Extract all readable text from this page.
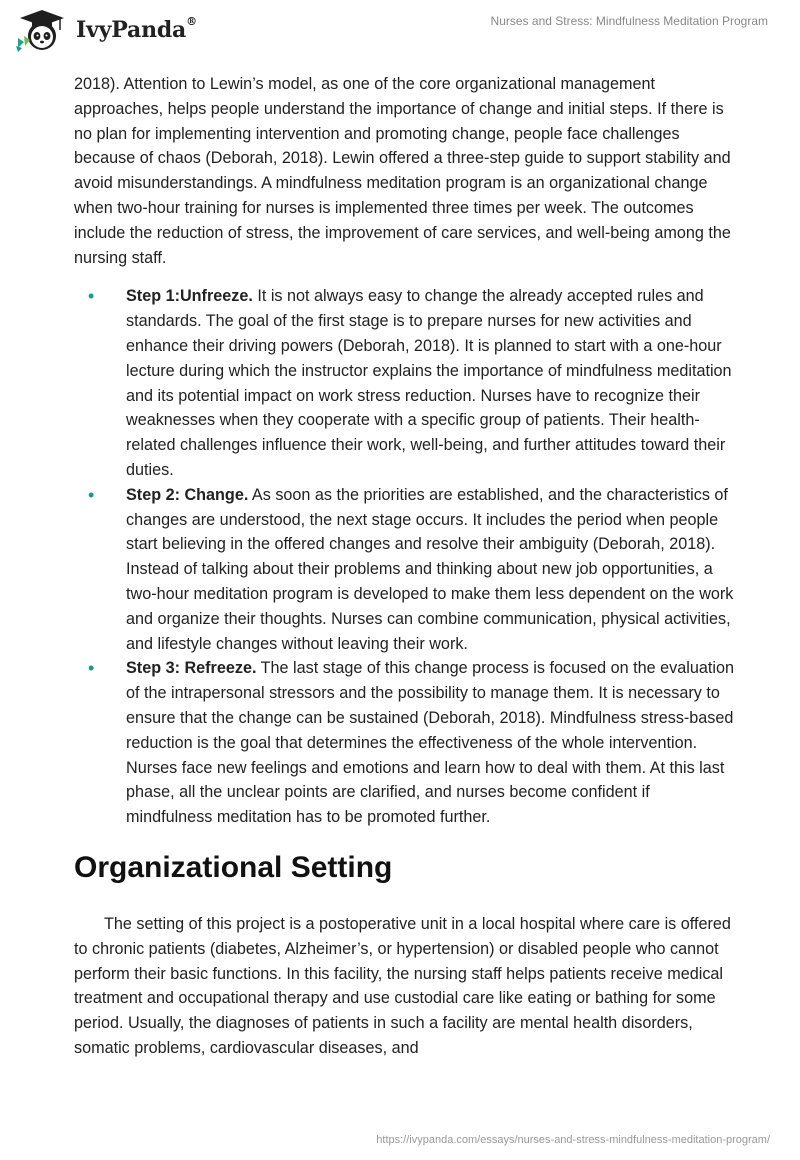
IvyPanda®	Nurses and Stress: Mindfulness Meditation Program

2018). Attention to Lewin’s model, as one of the core organizational management approaches, helps people understand the importance of change and initial steps. If there is no plan for implementing intervention and promoting change, people face challenges because of chaos (Deborah, 2018). Lewin offered a three-step guide to support stability and avoid misunderstandings. A mindfulness meditation program is an organizational change when two-hour training for nurses is implemented three times per week. The outcomes include the reduction of stress, the improvement of care services, and well-being among the nursing staff.

• Step 1:Unfreeze. It is not always easy to change the already accepted rules and standards. The goal of the first stage is to prepare nurses for new activities and enhance their driving powers (Deborah, 2018). It is planned to start with a one-hour lecture during which the instructor explains the importance of mindfulness meditation and its potential impact on work stress reduction. Nurses have to recognize their weaknesses when they cooperate with a specific group of patients. Their health-related challenges influence their work, well-being, and further attitudes toward their duties.
• Step 2: Change. As soon as the priorities are established, and the characteristics of changes are understood, the next stage occurs. It includes the period when people start believing in the offered changes and resolve their ambiguity (Deborah, 2018). Instead of talking about their problems and thinking about new job opportunities, a two-hour meditation program is developed to make them less dependent on the work and organize their thoughts. Nurses can combine communication, physical activities, and lifestyle changes without leaving their work.
• Step 3: Refreeze. The last stage of this change process is focused on the evaluation of the intrapersonal stressors and the possibility to manage them. It is necessary to ensure that the change can be sustained (Deborah, 2018). Mindfulness stress-based reduction is the goal that determines the effectiveness of the whole intervention. Nurses face new feelings and emotions and learn how to deal with them. At this last phase, all the unclear points are clarified, and nurses become confident if mindfulness meditation has to be promoted further.
Organizational Setting

The setting of this project is a postoperative unit in a local hospital where care is offered to chronic patients (diabetes, Alzheimer’s, or hypertension) or disabled people who cannot perform their basic functions. In this facility, the nursing staff helps patients receive medical treatment and occupational therapy and use custodial care like eating or bathing for some period. Usually, the diagnoses of patients in such a facility are mental health disorders, somatic problems, cardiovascular diseases, and

https://ivypanda.com/essays/nurses-and-stress-mindfulness-meditation-program/
